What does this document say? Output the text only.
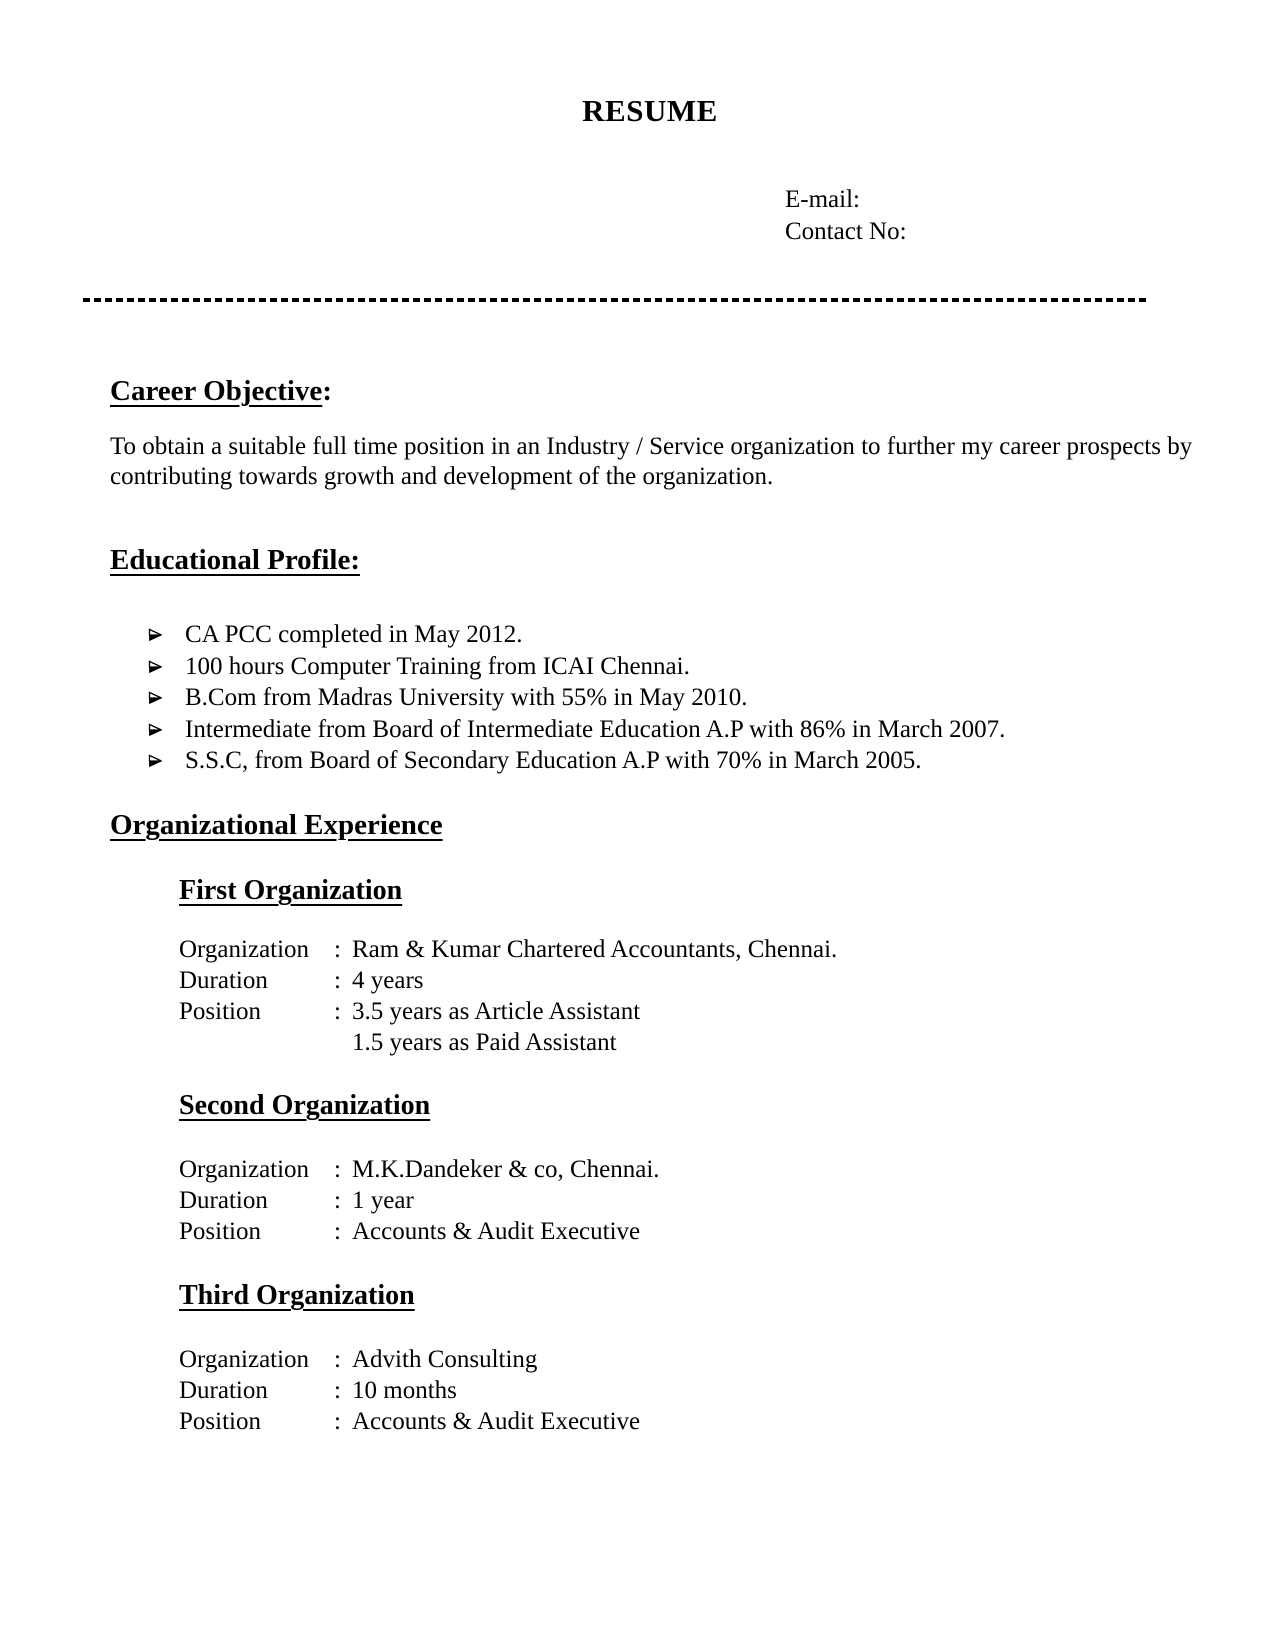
RESUME
E-mail:
Contact No:
Career Objective:
To obtain a suitable full time position in an Industry / Service organization to further my career prospects by contributing towards growth and development of the organization.
Educational Profile:
CA PCC completed in May 2012.
100 hours Computer Training from ICAI Chennai.
B.Com from Madras University with 55% in May 2010.
Intermediate from Board of Intermediate Education A.P with 86% in March 2007.
S.S.C, from Board of Secondary Education A.P with 70% in March 2005.
Organizational Experience
First Organization
Organization : Ram & Kumar Chartered Accountants, Chennai.
Duration	: 4 years
Position	: 3.5 years as Article Assistant
1.5 years as Paid Assistant
Second Organization
Organization : M.K.Dandeker & co, Chennai.
Duration	: 1 year
Position	: Accounts & Audit Executive
Third Organization
Organization : Advith Consulting
Duration	: 10 months
Position	: Accounts & Audit Executive
